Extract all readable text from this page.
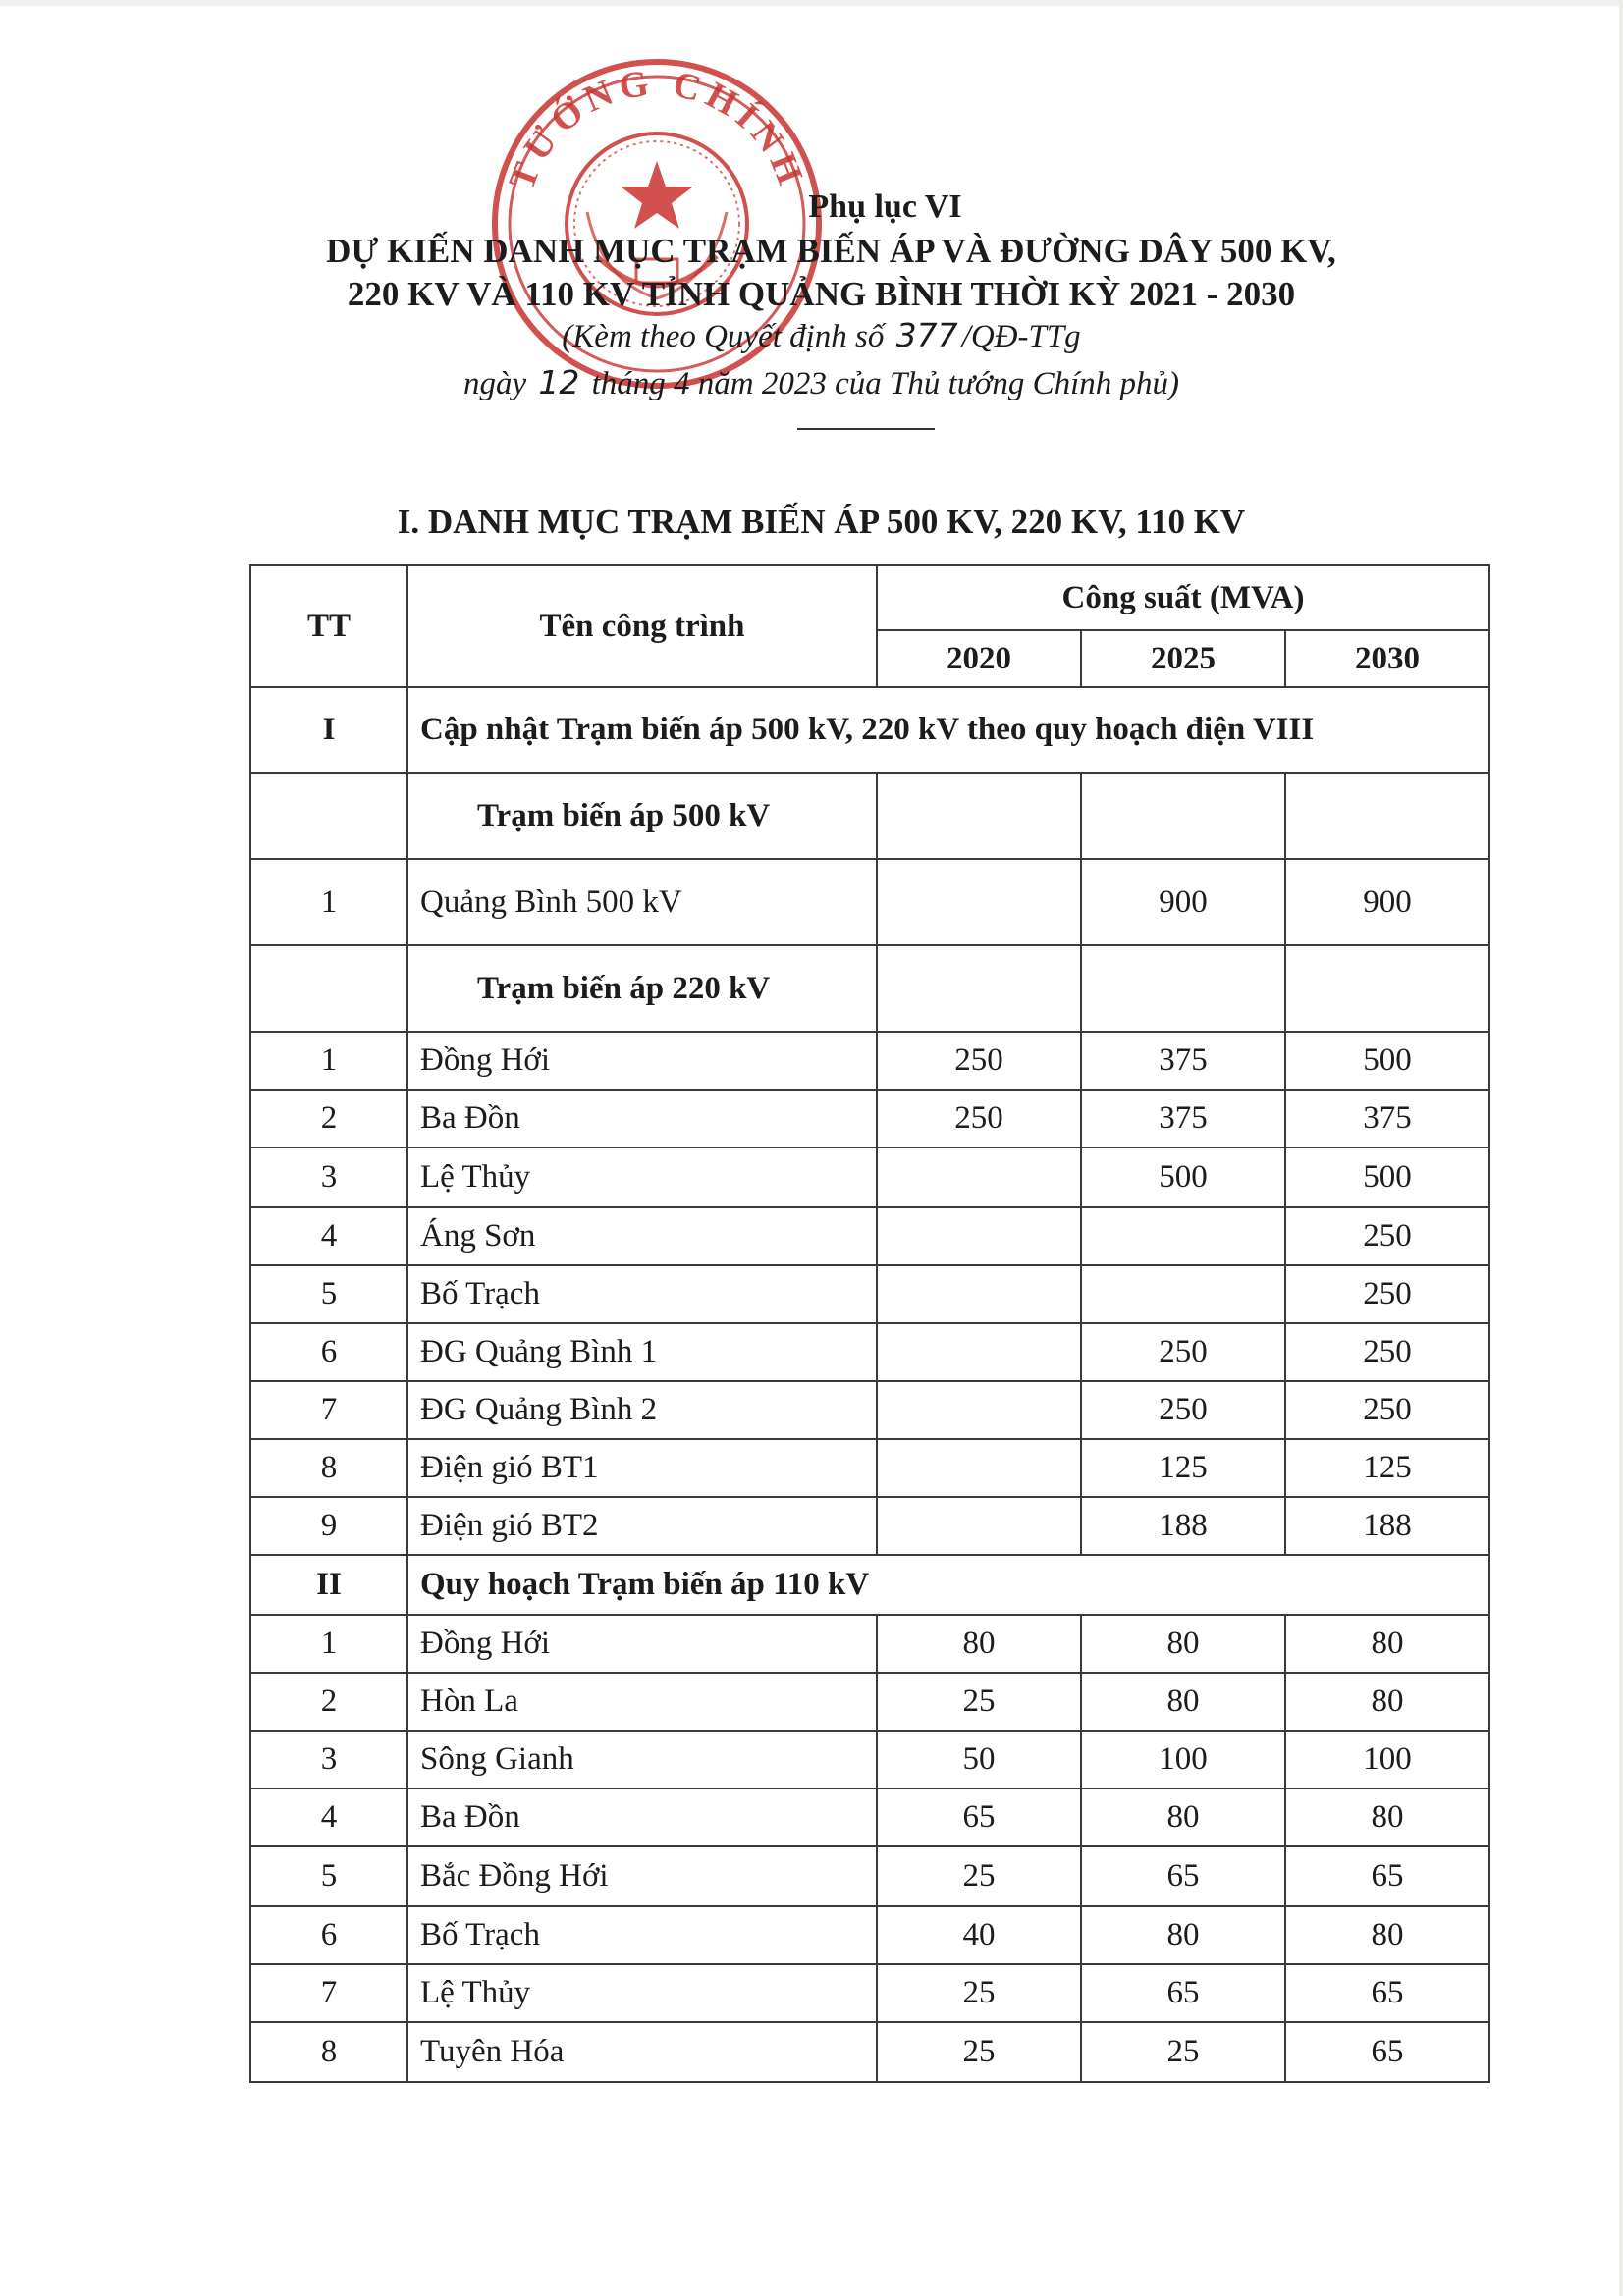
TƯỚNG CHÍNH
Phụ lục VI
DỰ KIẾN DANH MỤC TRẠM BIẾN ÁP VÀ ĐƯỜNG DÂY 500 KV,
220 KV VÀ 110 KV TỈNH QUẢNG BÌNH THỜI KỲ 2021 - 2030
(Kèm theo Quyết định số 377 /QĐ-TTg
ngày 12 tháng 4 năm 2023 của Thủ tướng Chính phủ)
I. DANH MỤC TRẠM BIẾN ÁP 500 KV, 220 KV, 110 KV
TT	Tên công trình	Công suất (MVA)		
		2020	2025	2030
I	Cập nhật Trạm biến áp 500 kV, 220 kV theo quy hoạch điện VIII			
	Trạm biến áp 500 kV			
1	Quảng Bình 500 kV		900	900
	Trạm biến áp 220 kV			
1	Đồng Hới	250	375	500
2	Ba Đồn	250	375	375
3	Lệ Thủy		500	500
4	Áng Sơn			250
5	Bố Trạch			250
6	ĐG Quảng Bình 1		250	250
7	ĐG Quảng Bình 2		250	250
8	Điện gió BT1		125	125
9	Điện gió BT2		188	188
II	Quy hoạch Trạm biến áp 110 kV			
1	Đồng Hới	80	80	80
2	Hòn La	25	80	80
3	Sông Gianh	50	100	100
4	Ba Đồn	65	80	80
5	Bắc Đồng Hới	25	65	65
6	Bố Trạch	40	80	80
7	Lệ Thủy	25	65	65
8	Tuyên Hóa	25	25	65
